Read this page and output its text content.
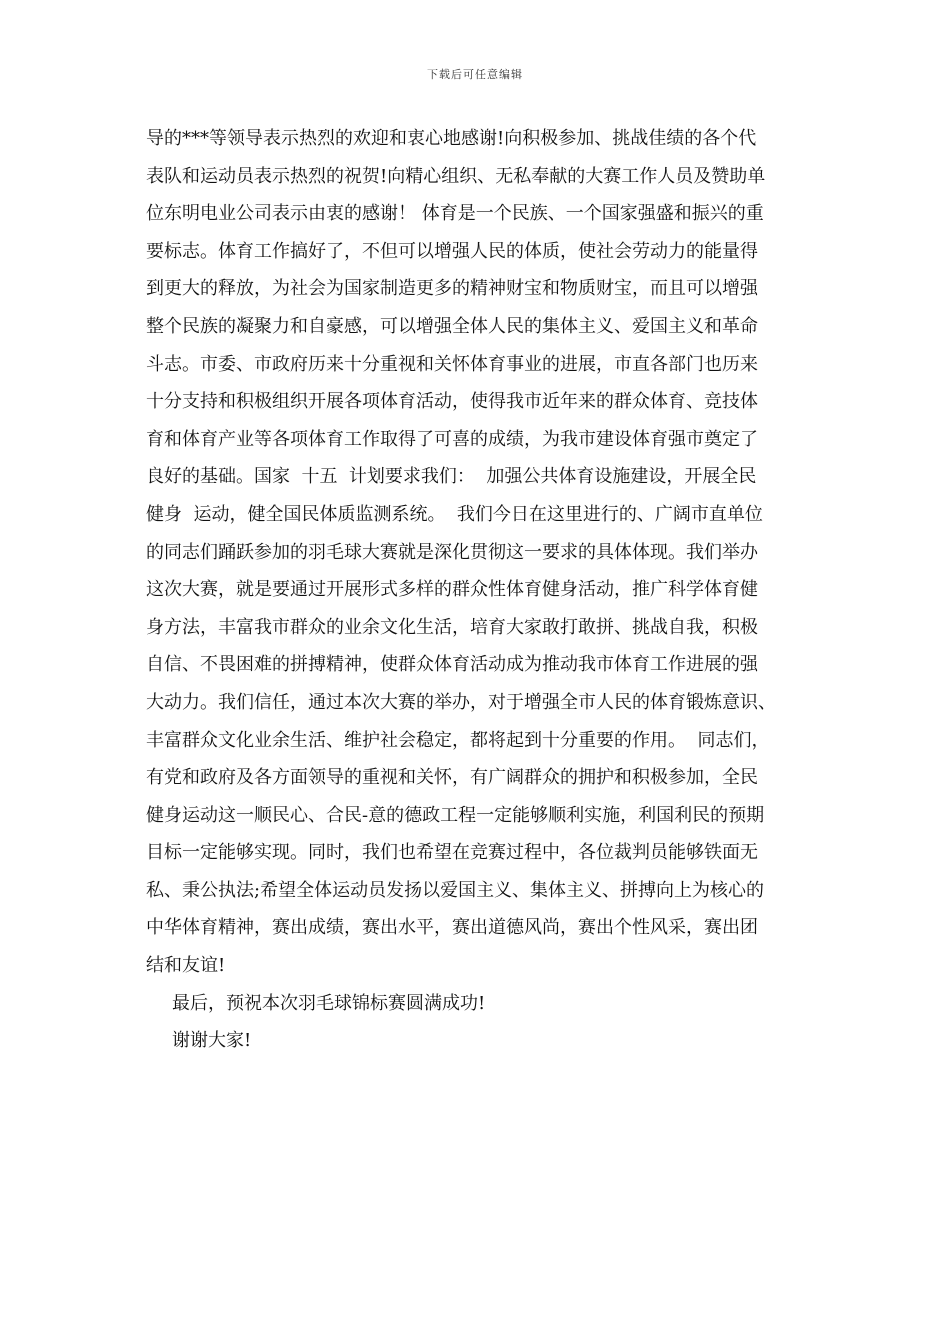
下载后可任意编辑
导的***等领导表示热烈的欢迎和衷心地感谢!向积极参加、挑战佳绩的各个代
表队和运动员表示热烈的祝贺!向精心组织、无私奉献的大赛工作人员及赞助单
位东明电业公司表示由衷的感谢！ 体育是一个民族、一个国家强盛和振兴的重
要标志。体育工作搞好了，不但可以增强人民的体质，使社会劳动力的能量得
到更大的释放，为社会为国家制造更多的精神财宝和物质财宝，而且可以增强
整个民族的凝聚力和自豪感，可以增强全体人民的集体主义、爱国主义和革命
斗志。市委、市政府历来十分重视和关怀体育事业的进展，市直各部门也历来
十分支持和积极组织开展各项体育活动，使得我市近年来的群众体育、竞技体
育和体育产业等各项体育工作取得了可喜的成绩，为我市建设体育强市奠定了
良好的基础。国家  十五  计划要求我们：  加强公共体育设施建设，开展全民
健身  运动，健全国民体质监测系统。  我们今日在这里进行的、广阔市直单位
的同志们踊跃参加的羽毛球大赛就是深化贯彻这一要求的具体体现。我们举办
这次大赛，就是要通过开展形式多样的群众性体育健身活动，推广科学体育健
身方法，丰富我市群众的业余文化生活，培育大家敢打敢拼、挑战自我，积极
自信、不畏困难的拼搏精神，使群众体育活动成为推动我市体育工作进展的强
大动力。我们信任，通过本次大赛的举办，对于增强全市人民的体育锻炼意识、
丰富群众文化业余生活、维护社会稳定，都将起到十分重要的作用。  同志们，
有党和政府及各方面领导的重视和关怀，有广阔群众的拥护和积极参加，全民
健身运动这一顺民心、合民-意的德政工程一定能够顺利实施，利国利民的预期
目标一定能够实现。同时，我们也希望在竞赛过程中，各位裁判员能够铁面无
私、秉公执法;希望全体运动员发扬以爱国主义、集体主义、拼搏向上为核心的
中华体育精神，赛出成绩，赛出水平，赛出道德风尚，赛出个性风采，赛出团
结和友谊!
最后，预祝本次羽毛球锦标赛圆满成功!
谢谢大家!
